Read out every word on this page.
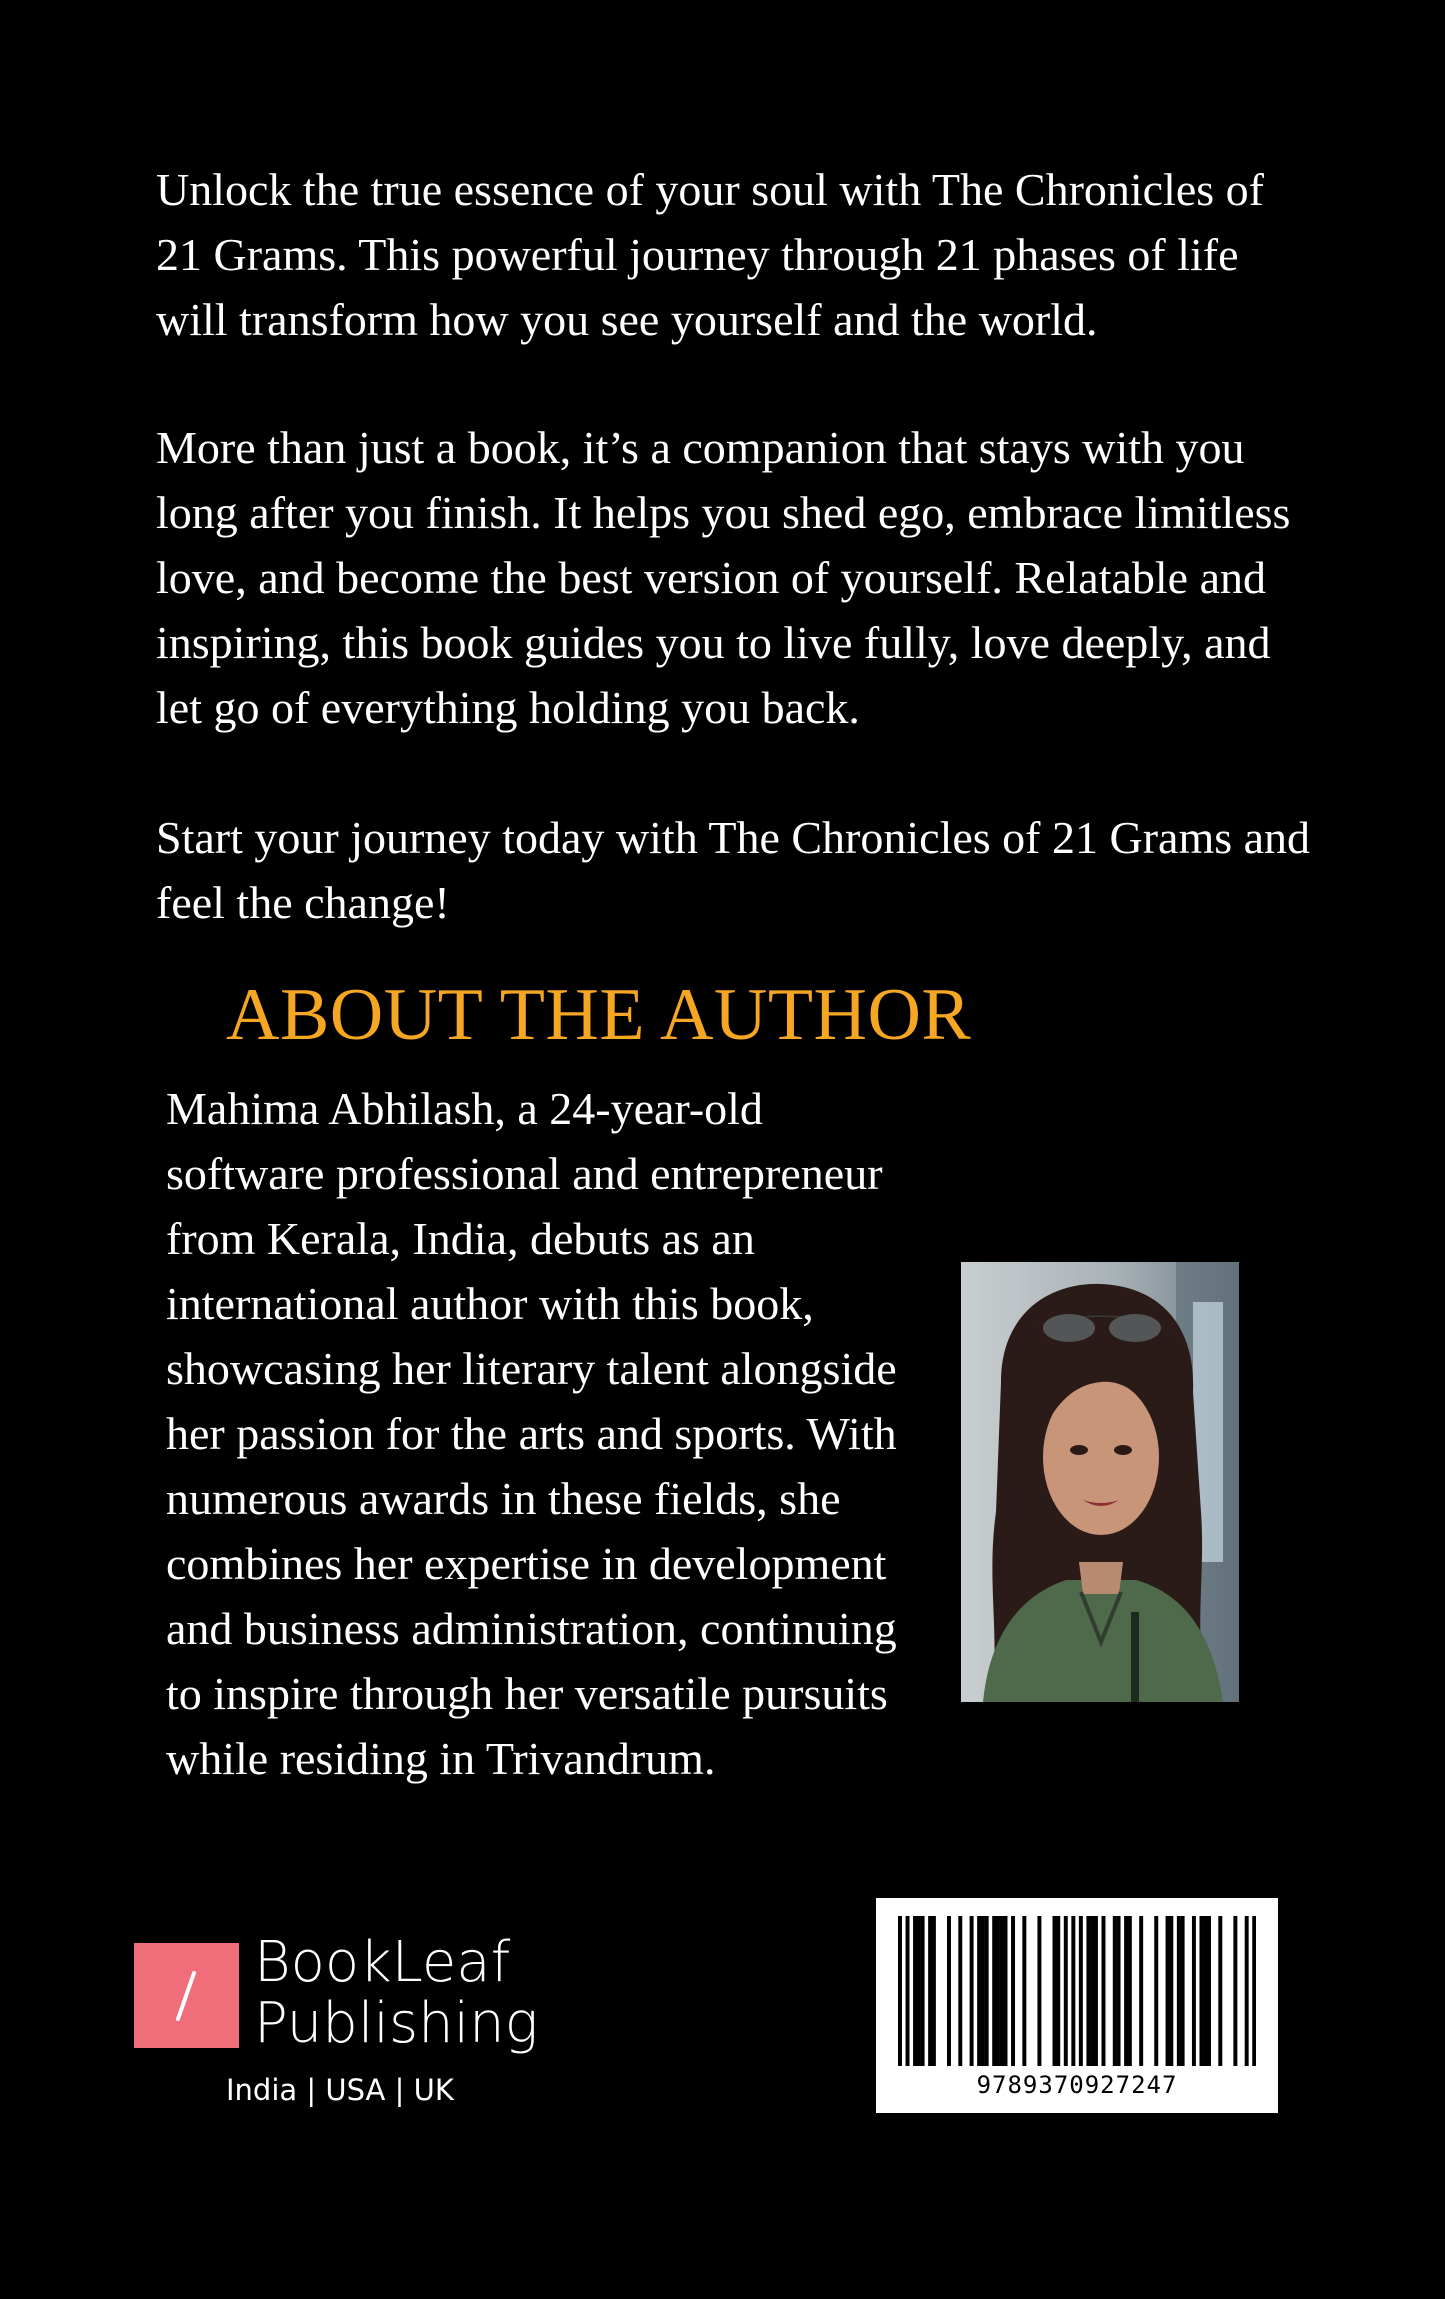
Unlock the true essence of your soul with The Chronicles of 21 Grams. This powerful journey through 21 phases of life will transform how you see yourself and the world.

More than just a book, it’s a companion that stays with you long after you finish. It helps you shed ego, embrace limitless love, and become the best version of yourself. Relatable and inspiring, this book guides you to live fully, love deeply, and let go of everything holding you back.

Start your journey today with The Chronicles of 21 Grams and feel the change!

ABOUT THE AUTHOR

Mahima Abhilash, a 24-year-old software professional and entrepreneur from Kerala, India, debuts as an international author with this book, showcasing her literary talent alongside her passion for the arts and sports. With numerous awards in these fields, she combines her expertise in development and business administration, continuing to inspire through her versatile pursuits while residing in Trivandrum.

BookLeaf
Publishing

India | USA | UK	9789370927247
